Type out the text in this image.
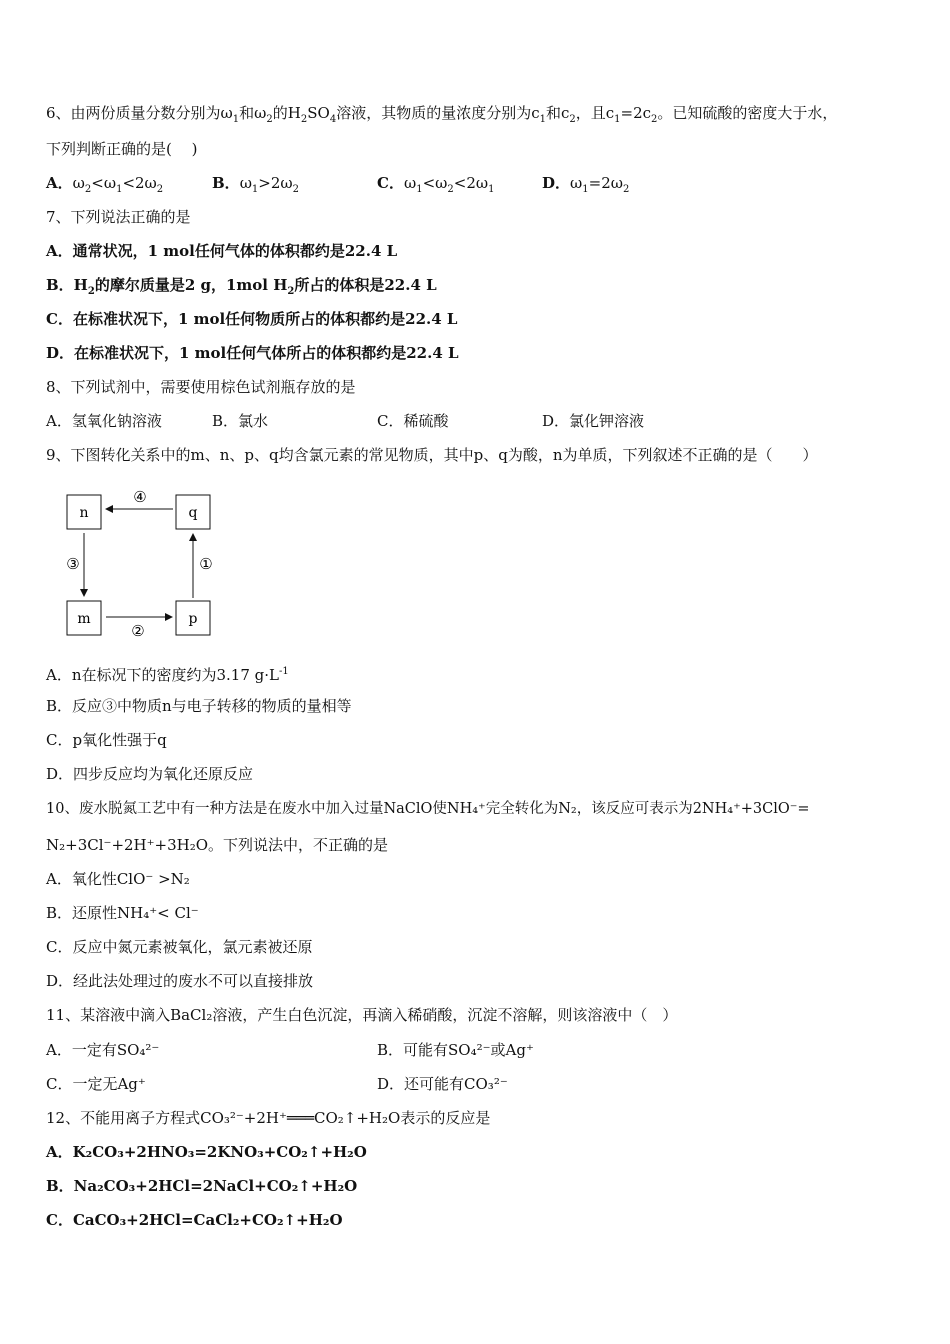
6、由两份质量分数分别为$\omega_1$和$\omega_2$的$H_2SO_4$溶液，其物质的量浓度分别为$c_1$和$c_2$，且$c_1=2c_2$。已知硫酸的密度大于水，
下列判断正确的是(　 )
A．$\omega_2<\omega_1<2\omega_2$	B．$\omega_1>2\omega_2$	C．$\omega_1<\omega_2<2\omega_1$	D．$\omega_1=2\omega_2$
7、下列说法正确的是
A．通常状况，1 mol任何气体的体积都约是22.4 L
B．$H_2$的摩尔质量是2 g，1mol $H_2$所占的体积是22.4 L
C．在标准状况下，1 mol任何物质所占的体积都约是22.4 L
D．在标准状况下，1 mol任何气体所占的体积都约是22.4 L
8、下列试剂中，需要使用棕色试剂瓶存放的是
A．氢氧化钠溶液	B．氯水	C．稀硫酸	D．氯化钾溶液
9、下图转化关系中的m、n、p、q均含氯元素的常见物质，其中p、q为酸，n为单质，下列叙述不正确的是（　　）
n	q
m	p
④
③	①
②
A．n在标况下的密度约为3.17 $g\cdot L^{-1}$
B．反应③中物质n与电子转移的物质的量相等
C．p氧化性强于q
D．四步反应均为氧化还原反应
10、废水脱氮工艺中有一种方法是在废水中加入过量NaClO使NH₄⁺完全转化为N₂，该反应可表示为2NH₄⁺+3ClO⁻=
N₂+3Cl⁻+2H⁺+3H₂O。下列说法中，不正确的是
A．氧化性ClO⁻ >N₂
B．还原性NH₄⁺< Cl⁻
C．反应中氮元素被氧化，氯元素被还原
D．经此法处理过的废水不可以直接排放
11、某溶液中滴入BaCl₂溶液，产生白色沉淀，再滴入稀硝酸，沉淀不溶解，则该溶液中（　）
A．一定有SO₄²⁻	B．可能有SO₄²⁻或Ag⁺
C．一定无Ag⁺	D．还可能有CO₃²⁻
12、不能用离子方程式CO₃²⁻+2H⁺═══CO₂↑+H₂O表示的反应是
A．K₂CO₃+2HNO₃=2KNO₃+CO₂↑+H₂O
B．Na₂CO₃+2HCl=2NaCl+CO₂↑+H₂O
C．CaCO₃+2HCl=CaCl₂+CO₂↑+H₂O
